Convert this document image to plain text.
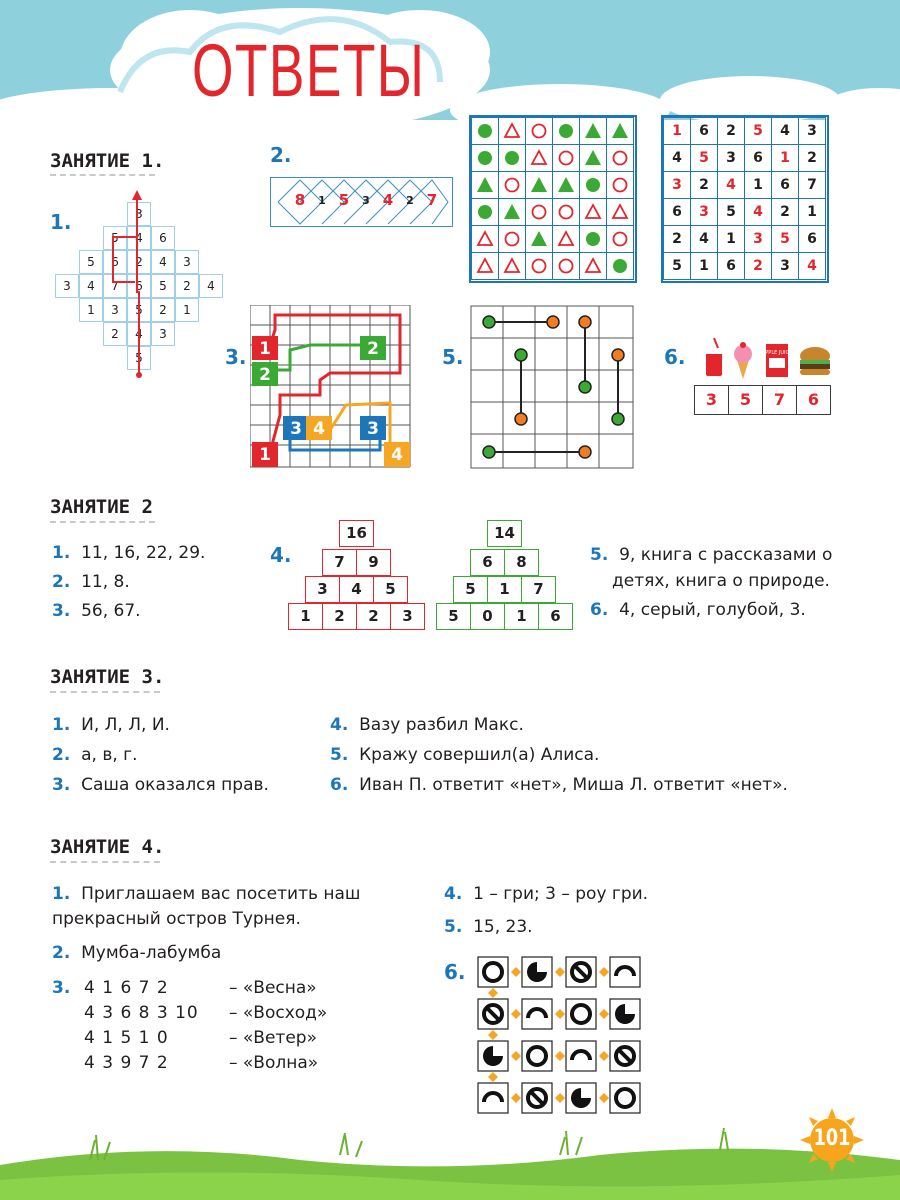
ОТВЕТЫ
ЗАНЯТИЕ 1.
1.	3
5	4	6
5	6	2	4	3
3	4	7	6	5	2	4
1	3	5	2	1
2	4	3
5
2.
8	1 5	3 4	2 7
1	6	2	5	4	3
4	5	3	6	1	2
3	2	4	1	6	7
6	3	5	4	2	1
2	4	1	3	5	6
5	1	6	2	3	4
3. 1
2
2
3 4 3
1	4
5.	6.	APPLE JUICE
3	5	7	6
ЗАНЯТИЕ 2
1. 11, 16, 22, 29.
2. 11, 8.
3. 56, 67.
4.
16
7	9
3	4	5
1	2	2	3
14
6	8
5	1	7
5	0	1	6
5. 9, книга с рассказами о
детях, книга о природе.
6. 4, серый, голубой, 3.
ЗАНЯТИЕ 3.
1. И, Л, Л, И.
2. а, в, г.
3. Саша оказался прав.
4. Вазу разбил Макс.
5. Кражу совершил(а) Алиса.
6. Иван П. ответит «нет», Миша Л. ответит «нет».
ЗАНЯТИЕ 4.
1. Приглашаем вас посетить наш
прекрасный остров Турнея.
2. Мумба-лабумба
3. 4 1 6 7 2	– «Весна»
4 3 6 8 3 10 – «Восход»
4 1 5 1 0	– «Ветер»
4 3 9 7 2	– «Волна»
4. 1 – гри; 3 – роу гри.
5. 15, 23.
6.
101
